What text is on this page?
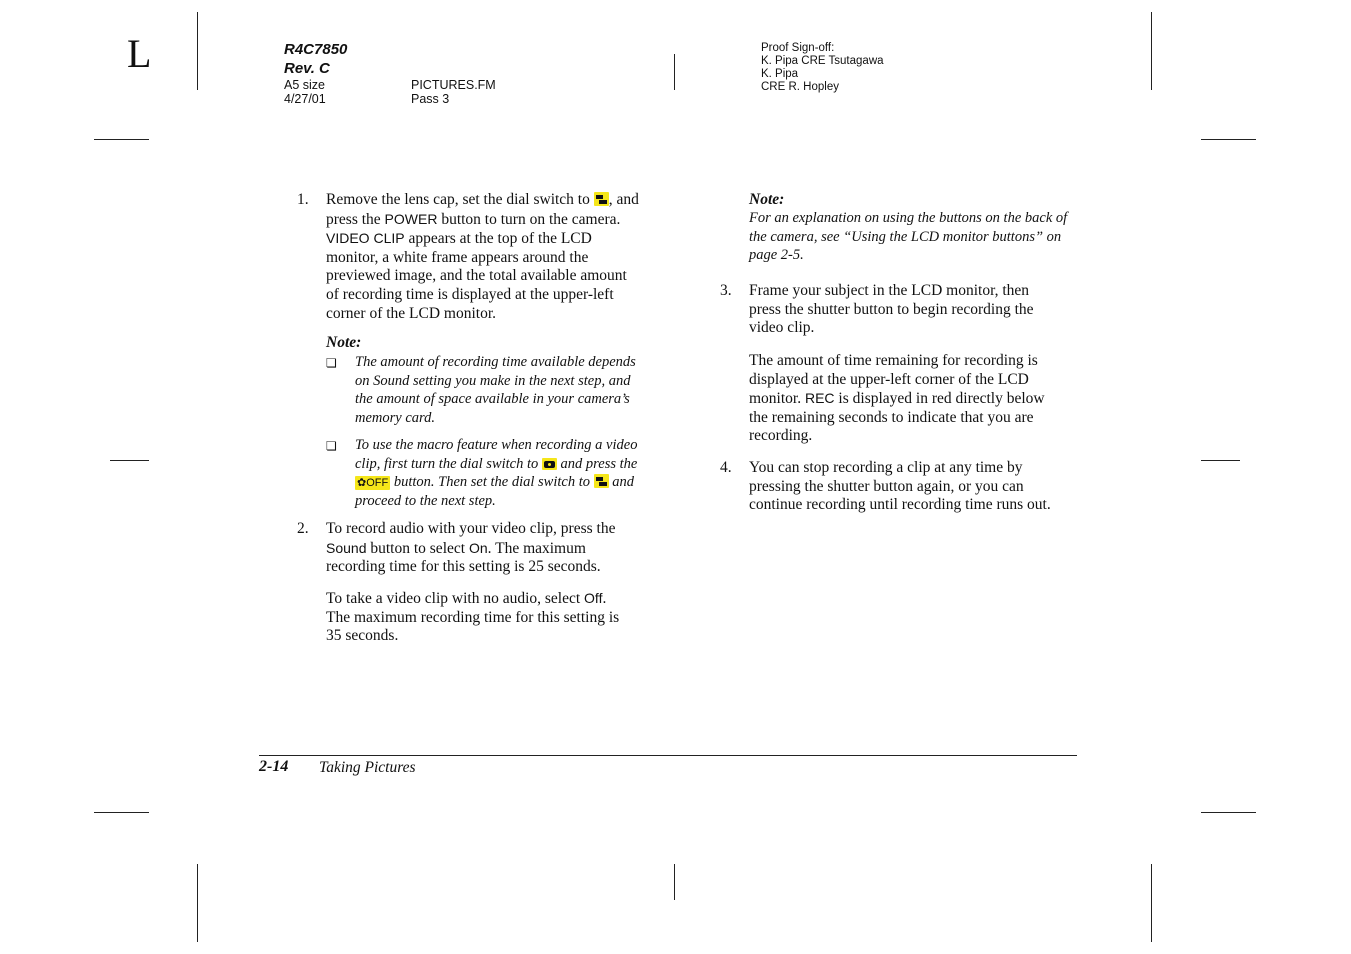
L	R4C7850
Rev. C
A5 size
4/27/01
PICTURES.FM
Pass 3
Proof Sign-off:
K. Pipa CRE Tsutagawa
K. Pipa
CRE R. Hopley
1. Remove the lens cap, set the dial switch to , and
press the POWER button to turn on the camera.
VIDEO CLIP appears at the top of the LCD
monitor, a white frame appears around the
previewed image, and the total available amount
of recording time is displayed at the upper-left
corner of the LCD monitor.
Note:
❏ The amount of recording time available depends
on Sound setting you make in the next step, and
the amount of space available in your camera’s
memory card.
❏ To use the macro feature when recording a video
clip, first turn the dial switch to and press the
✿OFF button. Then set the dial switch to and
proceed to the next step.
2. To record audio with your video clip, press the
Sound button to select On. The maximum
recording time for this setting is 25 seconds.
To take a video clip with no audio, select Off.
The maximum recording time for this setting is
35 seconds.
Note:
For an explanation on using the buttons on the back of
the camera, see “Using the LCD monitor buttons” on
page 2-5.
3. Frame your subject in the LCD monitor, then
press the shutter button to begin recording the
video clip.
The amount of time remaining for recording is
displayed at the upper-left corner of the LCD
monitor. REC is displayed in red directly below
the remaining seconds to indicate that you are
recording.
4. You can stop recording a clip at any time by
pressing the shutter button again, or you can
continue recording until recording time runs out.
2-14 Taking Pictures
